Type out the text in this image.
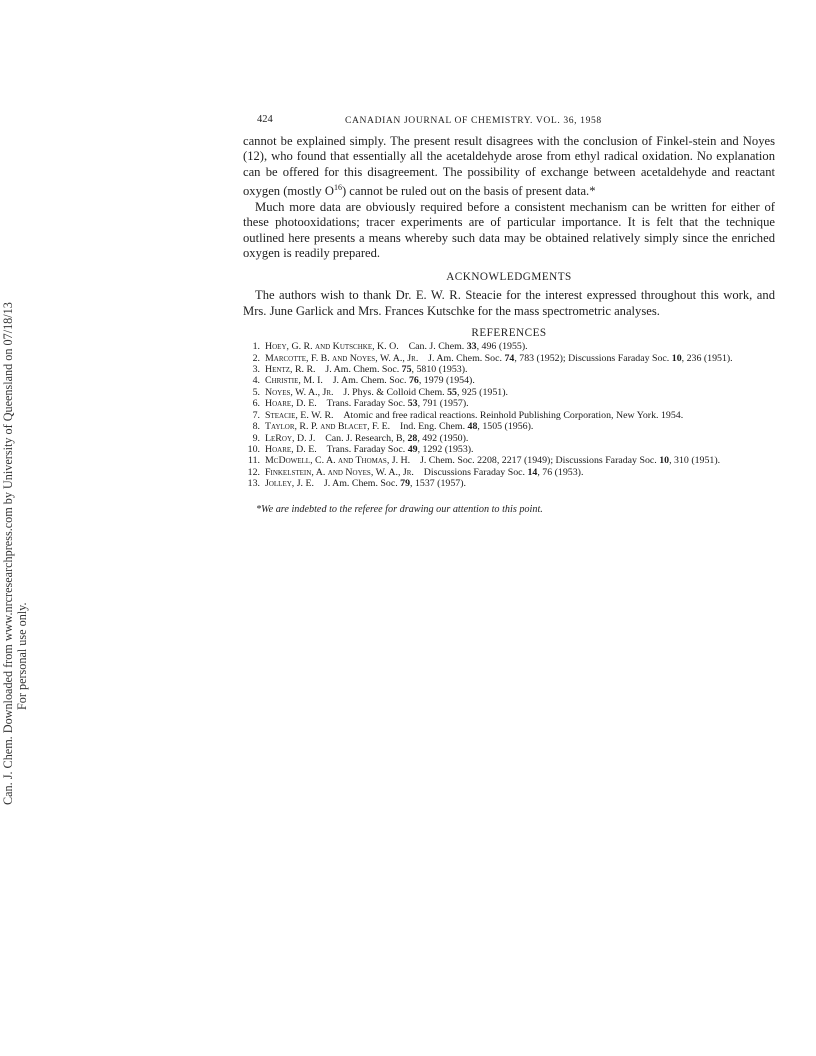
Can. J. Chem. Downloaded from www.nrcresearchpress.com by University of Queensland on 07/18/13 For personal use only.
424	CANADIAN JOURNAL OF CHEMISTRY. VOL. 36, 1958

cannot be explained simply. The present result disagrees with the conclusion of Finkel-stein and Noyes (12), who found that essentially all the acetaldehyde arose from ethyl radical oxidation. No explanation can be offered for this disagreement. The possibility of exchange between acetaldehyde and reactant oxygen (mostly $O^{16}$) cannot be ruled out on the basis of present data.*

Much more data are obviously required before a consistent mechanism can be written for either of these photooxidations; tracer experiments are of particular importance. It is felt that the technique outlined here presents a means whereby such data may be obtained relatively simply since the enriched oxygen is readily prepared.

ACKNOWLEDGMENTS

The authors wish to thank Dr. E. W. R. Steacie for the interest expressed throughout this work, and Mrs. June Garlick and Mrs. Frances Kutschke for the mass spectrometric analyses.

REFERENCES
1. Hoey, G. R. and Kutschke, K. O.  Can. J. Chem. 33, 496 (1955).
2. Marcotte, F. B. and Noyes, W. A., Jr.  J. Am. Chem. Soc. 74, 783 (1952); Discussions Faraday Soc. 10, 236 (1951).
3. Hentz, R. R.  J. Am. Chem. Soc. 75, 5810 (1953).
4. Christie, M. I.  J. Am. Chem. Soc. 76, 1979 (1954).
5. Noyes, W. A., Jr.  J. Phys. & Colloid Chem. 55, 925 (1951).
6. Hoare, D. E.  Trans. Faraday Soc. 53, 791 (1957).
7. Steacie, E. W. R.  Atomic and free radical reactions. Reinhold Publishing Corporation, New York. 1954.
8. Taylor, R. P. and Blacet, F. E.  Ind. Eng. Chem. 48, 1505 (1956).
9. LeRoy, D. J.  Can. J. Research, B, 28, 492 (1950).
10. Hoare, D. E.  Trans. Faraday Soc. 49, 1292 (1953).
11. McDowell, C. A. and Thomas, J. H.  J. Chem. Soc. 2208, 2217 (1949); Discussions Faraday Soc. 10, 310 (1951).
12. Finkelstein, A. and Noyes, W. A., Jr.  Discussions Faraday Soc. 14, 76 (1953).
13. Jolley, J. E.  J. Am. Chem. Soc. 79, 1537 (1957).
*We are indebted to the referee for drawing our attention to this point.
